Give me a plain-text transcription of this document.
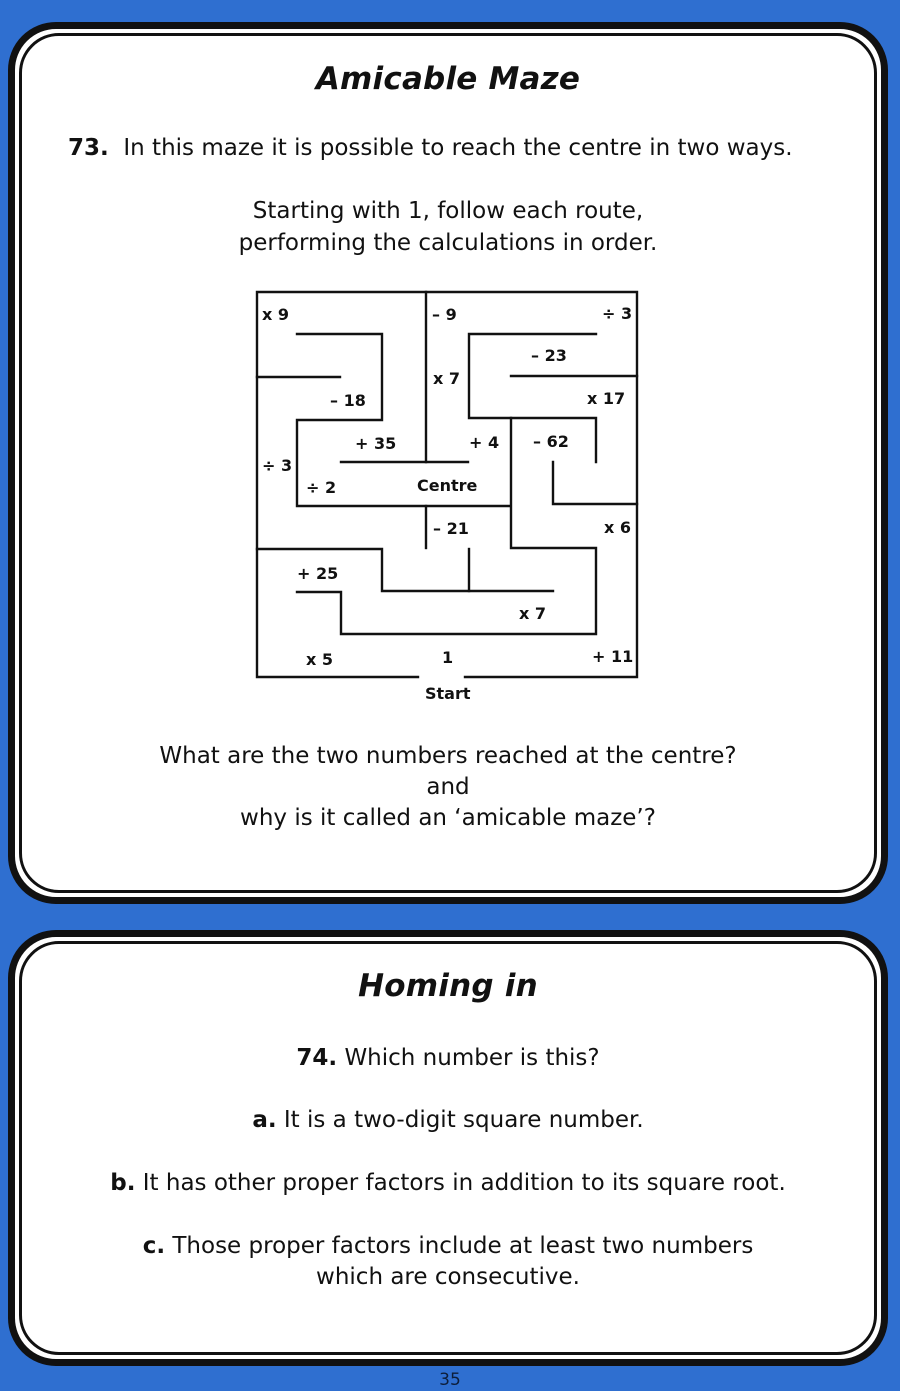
Amicable Maze
73. In this maze it is possible to reach the centre in two ways.
Starting with 1, follow each route,
performing the calculations in order.
What are the two numbers reached at the centre?
and
why is it called an ‘amicable maze’?
x 9	– 9	÷ 3
– 23
x 7
– 18	x 17
+ 35	+ 4 – 62
÷ 3
÷ 2	Centre
– 21	x 6
+ 25
x 7
x 5	1	+ 11
Start
Homing in
74. Which number is this?
a. It is a two-digit square number.
b. It has other proper factors in addition to its square root.
c. Those proper factors include at least two numbers
which are consecutive.
35
